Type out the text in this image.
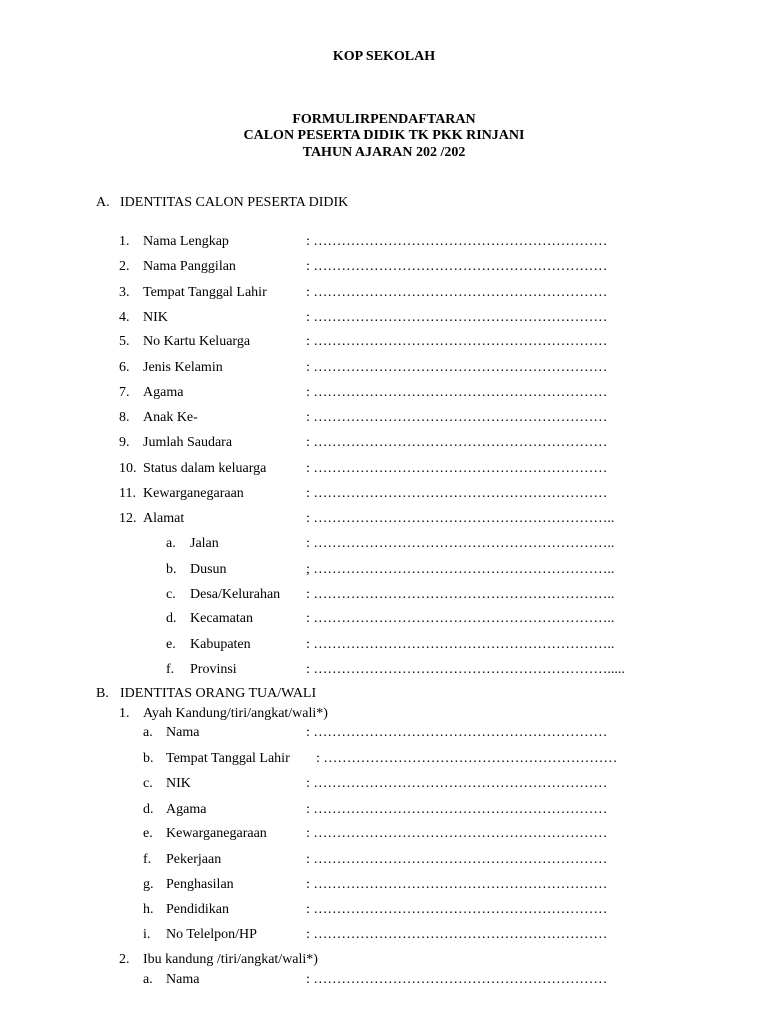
KOP SEKOLAH
FORMULIRPENDAFTARAN
CALON PESERTA DIDIK TK PKK RINJANI
TAHUN AJARAN 202 /202
A. IDENTITAS CALON PESERTA DIDIK
1. Nama Lengkap	: ………………………………………………………
2. Nama Panggilan	: ………………………………………………………
3. Tempat Tanggal Lahir	: ………………………………………………………
4. NIK	: ………………………………………………………
5. No Kartu Keluarga	: ………………………………………………………
6. Jenis Kelamin	: ………………………………………………………
7. Agama	: ………………………………………………………
8. Anak Ke-	: ………………………………………………………
9. Jumlah Saudara	: ………………………………………………………
10. Status dalam keluarga	: ………………………………………………………
11. Kewarganegaraan	: ………………………………………………………
12. Alamat	: ………………………………………………………..
a. Jalan	: ………………………………………………………..
b. Dusun	; ………………………………………………………..
c. Desa/Kelurahan : ………………………………………………………..
d. Kecamatan	: ………………………………………………………..
e. Kabupaten	: ………………………………………………………..
f. Provinsi	: ……………………………………………………….....
B. IDENTITAS ORANG TUA/WALI
1. Ayah Kandung/tiri/angkat/wali*)
a. Nama	: ………………………………………………………
b. Tempat Tanggal Lahir : ………………………………………………………
c. NIK	: ………………………………………………………
d. Agama	: ………………………………………………………
e. Kewarganegaraan	: ………………………………………………………
f. Pekerjaan	: ………………………………………………………
g. Penghasilan	: ………………………………………………………
h. Pendidikan	: ………………………………………………………
i. No Telelpon/HP	: ………………………………………………………
2. Ibu kandung /tiri/angkat/wali*)
a. Nama	: ………………………………………………………
